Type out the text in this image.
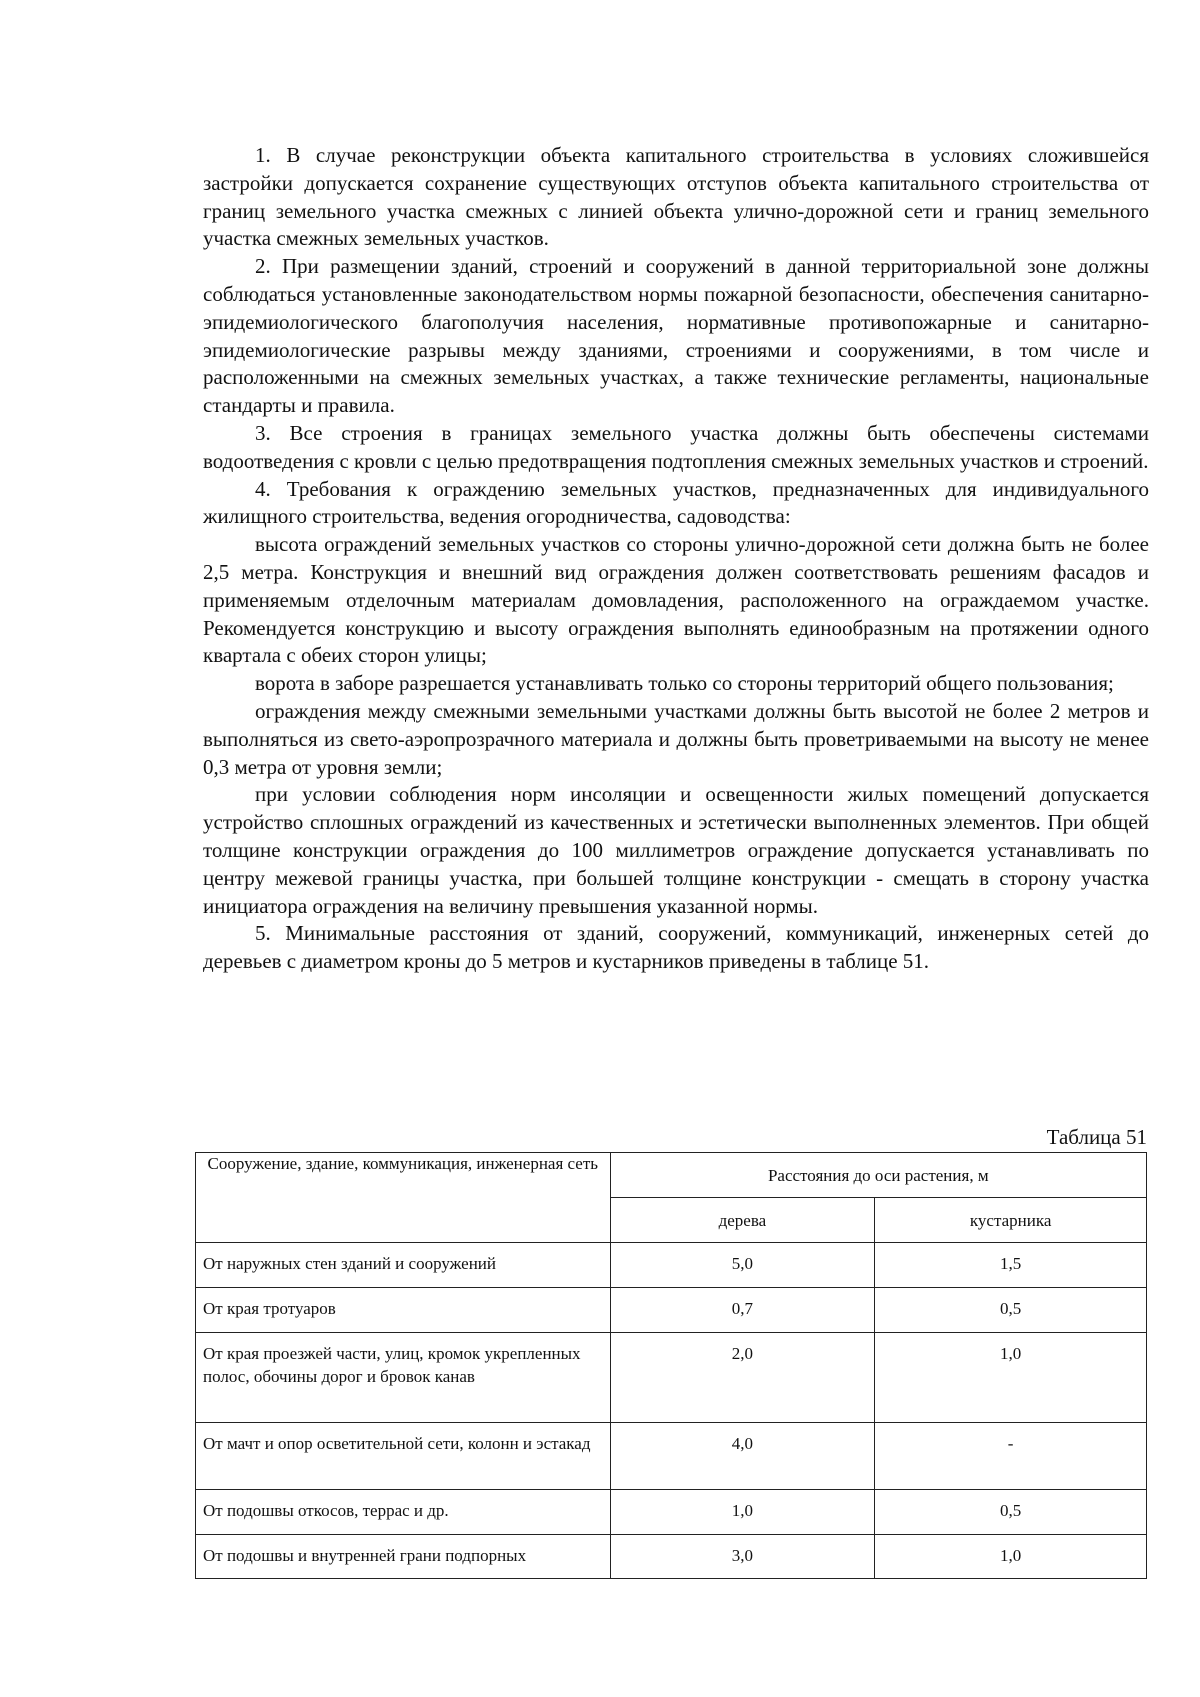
1. В случае реконструкции объекта капитального строительства в условиях сложившейся застройки допускается сохранение существующих отступов объекта капитального строительства от границ земельного участка смежных с линией объекта улично-дорожной сети и границ земельного участка смежных земельных участков.

2. При размещении зданий, строений и сооружений в данной территориальной зоне должны соблюдаться установленные законодательством нормы пожарной безопасности, обеспечения санитарно-эпидемиологического благополучия населения, нормативные противопожарные и санитарно-эпидемиологические разрывы между зданиями, строениями и сооружениями, в том числе и расположенными на смежных земельных участках, а также технические регламенты, национальные стандарты и правила.

3. Все строения в границах земельного участка должны быть обеспечены системами водоотведения с кровли с целью предотвращения подтопления смежных земельных участков и строений.

4. Требования к ограждению земельных участков, предназначенных для индивидуального жилищного строительства, ведения огородничества, садоводства:

высота ограждений земельных участков со стороны улично-дорожной сети должна быть не более 2,5 метра. Конструкция и внешний вид ограждения должен соответствовать решениям фасадов и применяемым отделочным материалам домовладения, расположенного на ограждаемом участке. Рекомендуется конструкцию и высоту ограждения выполнять единообразным на протяжении одного квартала с обеих сторон улицы;

ворота в заборе разрешается устанавливать только со стороны территорий общего пользования;

ограждения между смежными земельными участками должны быть высотой не более 2 метров и выполняться из свето-аэропрозрачного материала и должны быть проветриваемыми на высоту не менее 0,3 метра от уровня земли;

при условии соблюдения норм инсоляции и освещенности жилых помещений допускается устройство сплошных ограждений из качественных и эстетически выполненных элементов. При общей толщине конструкции ограждения до 100 миллиметров ограждение допускается устанавливать по центру межевой границы участка, при большей толщине конструкции - смещать в сторону участка инициатора ограждения на величину превышения указанной нормы.

5. Минимальные расстояния от зданий, сооружений, коммуникаций, инженерных сетей до деревьев с диаметром кроны до 5 метров и кустарников приведены в таблице 51.

Таблица 51
Сооружение, здание, коммуникация, инженерная сеть	Расстояния до оси растения, м	
	дерева	кустарника
От наружных стен зданий и сооружений	5,0	1,5
От края тротуаров	0,7	0,5
От края проезжей части, улиц, кромок укрепленных полос, обочины дорог и бровок канав	2,0	1,0
От мачт и опор осветительной сети, колонн и эстакад	4,0	-
От подошвы откосов, террас и др.	1,0	0,5
От подошвы и внутренней грани подпорных	3,0	1,0
